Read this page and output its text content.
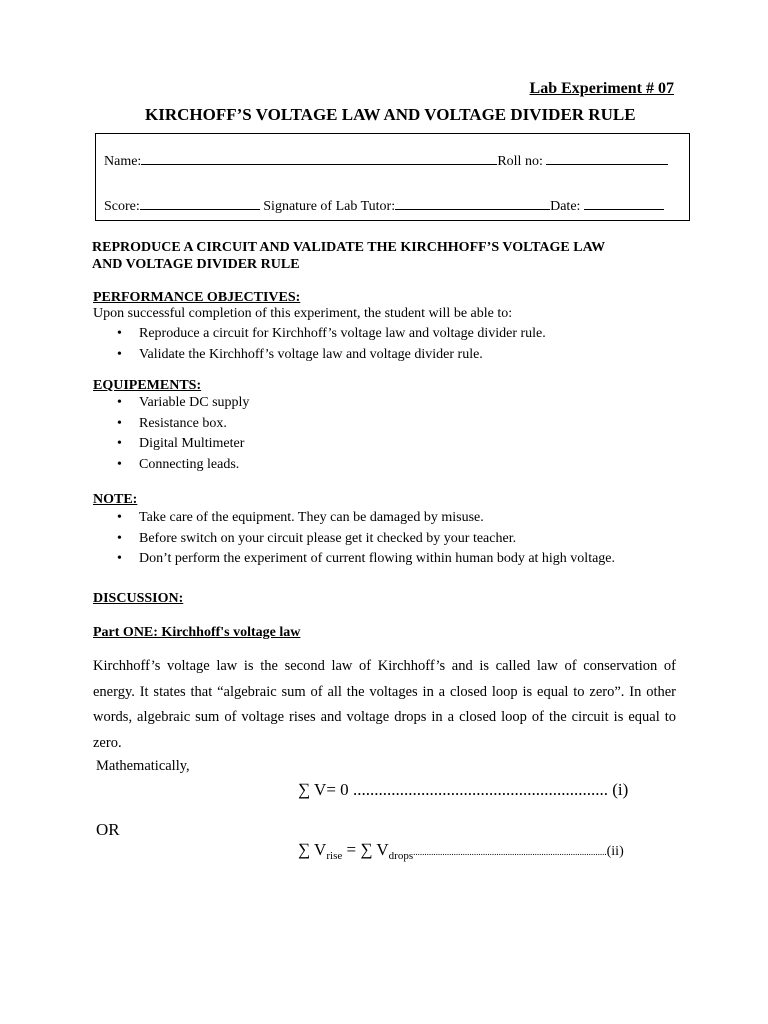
Lab Experiment # 07
KIRCHOFF’S VOLTAGE LAW AND VOLTAGE DIVIDER RULE
Name:	Roll no:
Score:	Signature of Lab Tutor:	Date:
REPRODUCE A CIRCUIT AND VALIDATE THE KIRCHHOFF’S VOLTAGE LAW
AND VOLTAGE DIVIDER RULE
PERFORMANCE OBJECTIVES:
Upon successful completion of this experiment, the student will be able to:
• Reproduce a circuit for Kirchhoff’s voltage law and voltage divider rule.
• Validate the Kirchhoff’s voltage law and voltage divider rule.
EQUIPEMENTS:
• Variable DC supply
• Resistance box.
• Digital Multimeter
• Connecting leads.
NOTE:
• Take care of the equipment. They can be damaged by misuse.
• Before switch on your circuit please get it checked by your teacher.
• Don’t perform the experiment of current flowing within human body at high voltage.
DISCUSSION:
Part ONE: Kirchhoff's voltage law
Kirchhoff’s voltage law is the second law of Kirchhoff’s and is called law of conservation of energy. It states that “algebraic sum of all the voltages in a closed loop is equal to zero”. In other words, algebraic sum of voltage rises and voltage drops in a closed loop of the circuit is equal to zero.
Mathematically,
∑ V= 0 ............................................................ (i)
OR
∑ $V_{rise}$ = ∑ $V_{drops}......................................................................................(ii)$
